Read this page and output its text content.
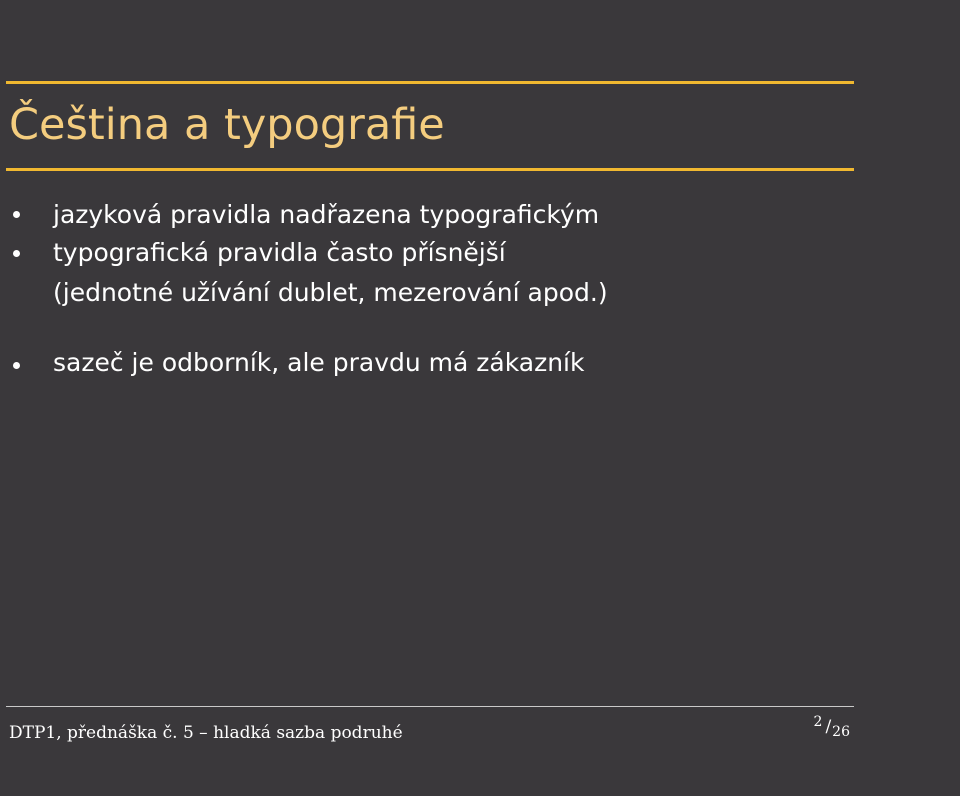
Čeština a typografie

jazyková pravidla nadřazena typografickým

typografická pravidla často přísnější

(jednotné užívání dublet, mezerování apod.)

sazeč je odborník, ale pravdu má zákazník

DTP1, přednáška č. 5 – hladká sazba podruhé
2 /26
